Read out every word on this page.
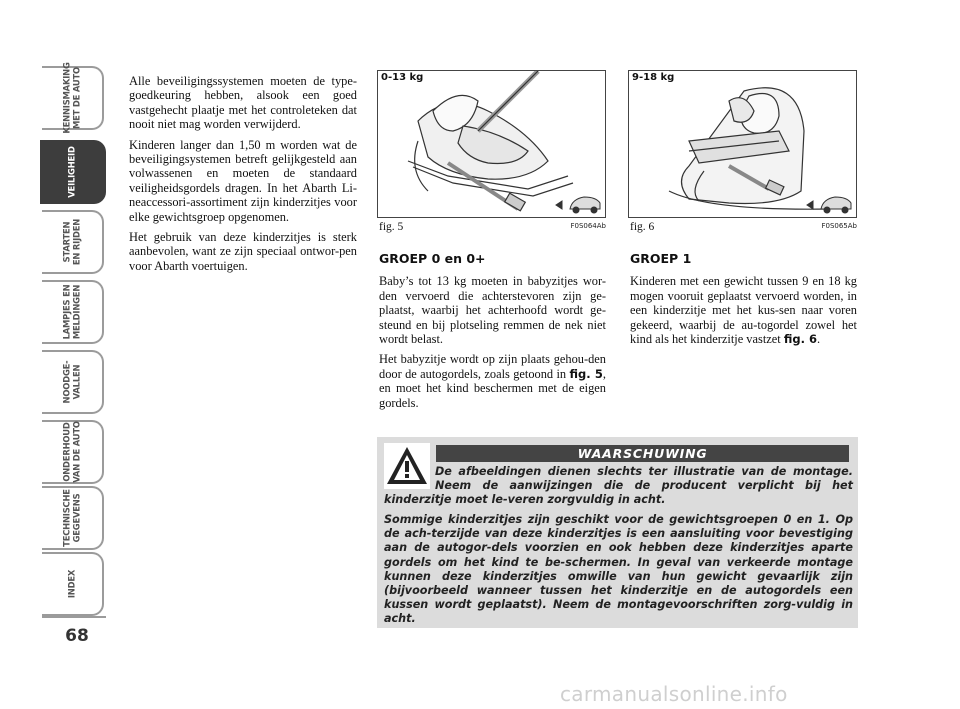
KENNISMAKING
MET DE AUTO
VEILIGHEID
STARTEN
EN RIJDEN
LAMPJES EN
MELDINGEN
NOODGE-
VALLEN
ONDERHOUD
VAN DE AUTO
TECHNISCHE
GEGEVENS
INDEX
68

Alle beveiligingssystemen moeten de type-goedkeuring hebben, alsook een goed vastgehecht plaatje met het controleteken dat nooit niet mag worden verwijderd.

Kinderen langer dan 1,50 m worden wat de beveiligingsystemen betreft gelijkgesteld aan volwassenen en moeten de standaard veiligheidsgordels dragen. In het Abarth Li-neaccessori-assortiment zijn kinderzitjes voor elke gewichtsgroep opgenomen.

Het gebruik van deze kinderzitjes is sterk aanbevolen, want ze zijn speciaal ontwor-pen voor Abarth voertuigen.

0-13 kg
fig. 5	F0S064Ab
9-18 kg
fig. 6	F0S065Ab

GROEP 0 en 0+

Baby’s tot 13 kg moeten in babyzitjes wor-den vervoerd die achterstevoren zijn ge-plaatst, waarbij het achterhoofd wordt ge-steund en bij plotseling remmen de nek niet wordt belast.

Het babyzitje wordt op zijn plaats gehou-den door de autogordels, zoals getoond in fig. 5, en moet het kind beschermen met de eigen gordels.

GROEP 1

Kinderen met een gewicht tussen 9 en 18 kg mogen vooruit geplaatst vervoerd worden, in een kinderzitje met het kus-sen naar voren gekeerd, waarbij de au-togordel zowel het kind als het kinderzitje vastzet fig. 6.

WAARSCHUWING

De afbeeldingen dienen slechts ter illustratie van de montage. Neem de aanwijzingen die de producent verplicht bij het kinderzitje moet le-veren zorgvuldig in acht.

Sommige kinderzitjes zijn geschikt voor de gewichtsgroepen 0 en 1. Op de ach-terzijde van deze kinderzitjes is een aansluiting voor bevestiging aan de autogor-dels voorzien en ook hebben deze kinderzitjes aparte gordels om het kind te be-schermen. In geval van verkeerde montage kunnen deze kinderzitjes omwille van hun gewicht gevaarlijk zijn (bijvoorbeeld wanneer tussen het kinderzitje en de autogordels een kussen wordt geplaatst). Neem de montagevoorschriften zorg-vuldig in acht.

carmanualsonline.info
